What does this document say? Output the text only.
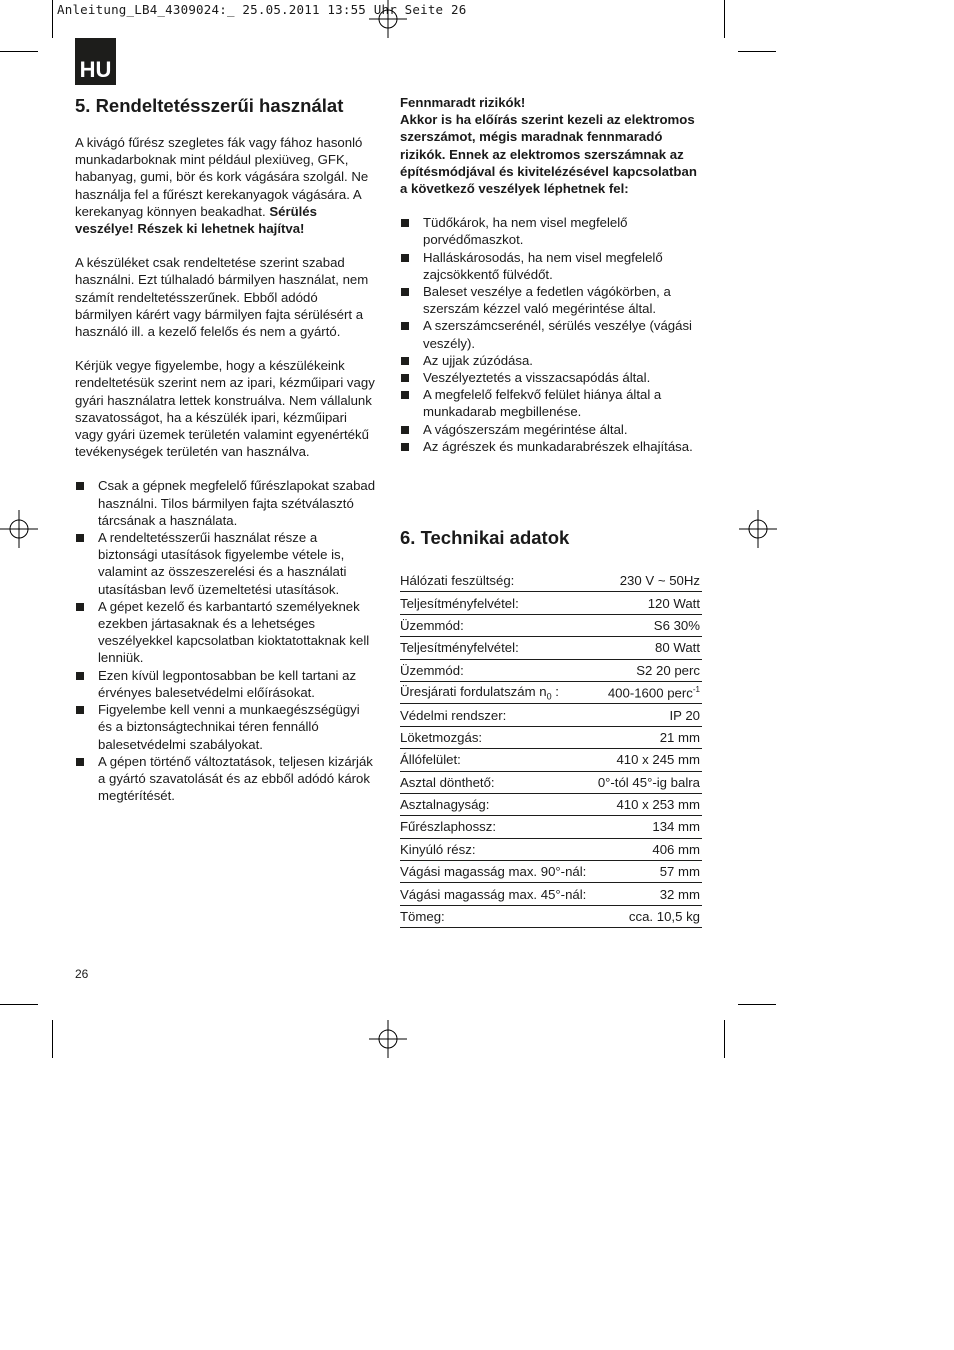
Anleitung_LB4_4309024:_ 25.05.2011 13:55 Uhr Seite 26
HU
5. Rendeltetésszerűi használat

A kivágó fűrész szegletes fák vagy fához hasonló munkadarboknak mint például plexiüveg, GFK, habanyag, gumi, bör és kork vágására szolgál. Ne használja fel a fűrészt kerekanyagok vágására. A kerekanyag könnyen beakadhat. Sérülés veszélye! Részek ki lehetnek hajítva!

A készüléket csak rendeltetése szerint szabad használni. Ezt túlhaladó bármilyen használat, nem számít rendeltetésszerűnek. Ebből adódó bármilyen kárért vagy bármilyen fajta sérülésért a használó ill. a kezelő felelős és nem a gyártó.

Kérjük vegye figyelembe, hogy a készülékeink rendeltetésük szerint nem az ipari, kézműipari vagy gyári használatra lettek konstruálva. Nem vállalunk szavatosságot, ha a készülék ipari, kézműipari vagy gyári üzemek területén valamint egyenértékű tevékenységek területén van használva.

Csak a gépnek megfelelő fűrészlapokat szabad használni. Tilos bármilyen fajta szétválasztó tárcsának a használata.
A rendeltetésszerűi használat része a biztonsági utasítások figyelembe vétele is, valamint az összeszerelési és a használati utasításban levő üzemeltetési utasítások.
A gépet kezelő és karbantartó személyeknek ezekben jártasaknak és a lehetséges veszélyekkel kapcsolatban kioktatottaknak kell lenniük.
Ezen kívül legpontosabban be kell tartani az érvényes balesetvédelmi előírásokat.
Figyelembe kell venni a munkaegészségügyi és a biztonságtechnikai téren fennálló balesetvédelmi szabályokat.
A gépen történő változtatások, teljesen kizárják a gyártó szavatolását és az ebből adódó károk megtérítését.

Fennmaradt rizikók!

Akkor is ha előírás szerint kezeli az elektromos szerszámot, mégis maradnak fennmaradó rizikók. Ennek az elektromos szerszámnak az építésmódjával és kivitelézésével kapcsolatban a következő veszélyek léphetnek fel:

Tüdőkárok, ha nem visel megfelelő porvédőmaszkot.
Halláskárosodás, ha nem visel megfelelő zajcsökkentő fülvédőt.
Baleset veszélye a fedetlen vágókörben, a szerszám kézzel való megérintése által.
A szerszámcserénél, sérülés veszélye (vágási veszély).
Az ujjak zúzódása.
Veszélyeztetés a visszacsapódás által.
A megfelelő felfekvő felület hiánya által a munkadarab megbillenése.
A vágószerszám megérintése által.
Az ágrészek és munkadarabrészek elhajítása.
6. Technikai adatok
Hálózati feszültség:	230 V ~ 50Hz
Teljesítményfelvétel:	120 Watt
Üzemmód:	S6 30%
Teljesítményfelvétel:	80 Watt
Üzemmód:	S2 20 perc
Üresjárati fordulatszám $n_0$ :	400-1600 perc$^{-1}$
Védelmi rendszer:	IP 20
Löketmozgás:	21 mm
Állófelület:	410 x 245 mm
Asztal dönthető:	0°-tól 45°-ig balra
Asztalnagyság:	410 x 253 mm
Fűrészlaphossz:	134 mm
Kinyúló rész:	406 mm
Vágási magasság max. 90°-nál:	57 mm
Vágási magasság max. 45°-nál:	32 mm
Tömeg:	cca. 10,5 kg
26
